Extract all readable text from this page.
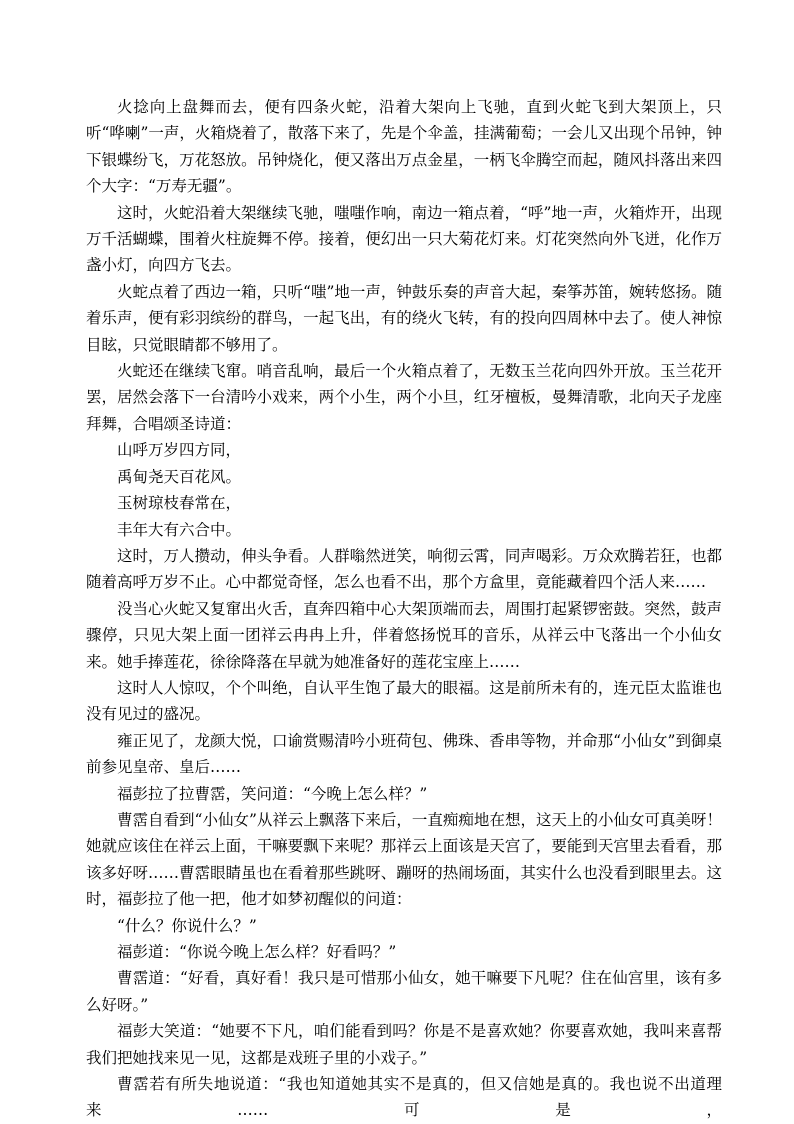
火捻向上盘舞而去，便有四条火蛇，沿着大架向上飞驰，直到火蛇飞到大架顶上，只听“哗喇”一声，火箱烧着了，散落下来了，先是个伞盖，挂满葡萄；一会儿又出现个吊钟，钟下银蝶纷飞，万花怒放。吊钟烧化，便又落出万点金星，一柄飞伞腾空而起，随风抖落出来四个大字：“万寿无疆”。

这时，火蛇沿着大架继续飞驰，嗤嗤作响，南边一箱点着，“呼”地一声，火箱炸开，出现万千活蝴蝶，围着火柱旋舞不停。接着，便幻出一只大菊花灯来。灯花突然向外飞迸，化作万盏小灯，向四方飞去。

火蛇点着了西边一箱，只听“嗤”地一声，钟鼓乐奏的声音大起，秦筝苏笛，婉转悠扬。随着乐声，便有彩羽缤纷的群鸟，一起飞出，有的绕火飞转，有的投向四周林中去了。使人神惊目眩，只觉眼睛都不够用了。

火蛇还在继续飞窜。哨音乱响，最后一个火箱点着了，无数玉兰花向四外开放。玉兰花开罢，居然会落下一台清吟小戏来，两个小生，两个小旦，红牙檀板，曼舞清歌，北向天子龙座拜舞，合唱颂圣诗道：

山呼万岁四方同，

禹甸尧天百花风。

玉树琼枝春常在，

丰年大有六合中。

这时，万人攒动，伸头争看。人群嗡然迸笑，响彻云霄，同声喝彩。万众欢腾若狂，也都随着高呼万岁不止。心中都觉奇怪，怎么也看不出，那个方盒里，竟能藏着四个活人来……

没当心火蛇又复窜出火舌，直奔四箱中心大架顶端而去，周围打起紧锣密鼓。突然，鼓声骤停，只见大架上面一团祥云冉冉上升，伴着悠扬悦耳的音乐，从祥云中飞落出一个小仙女来。她手捧莲花，徐徐降落在早就为她准备好的莲花宝座上……

这时人人惊叹，个个叫绝，自认平生饱了最大的眼福。这是前所未有的，连元臣太监谁也没有见过的盛况。

雍正见了，龙颜大悦，口谕赏赐清吟小班荷包、佛珠、香串等物，并命那“小仙女”到御桌前参见皇帝、皇后……

福彭拉了拉曹霑，笑问道：“今晚上怎么样？”

曹霑自看到“小仙女”从祥云上飘落下来后，一直痴痴地在想，这天上的小仙女可真美呀！她就应该住在祥云上面，干嘛要飘下来呢？那祥云上面该是天宫了，要能到天宫里去看看，那该多好呀……曹霑眼睛虽也在看着那些跳呀、蹦呀的热闹场面，其实什么也没看到眼里去。这时，福彭拉了他一把，他才如梦初醒似的问道：

“什么？你说什么？”

福彭道：“你说今晚上怎么样？好看吗？”

曹霑道：“好看，真好看！我只是可惜那小仙女，她干嘛要下凡呢？住在仙宫里，该有多么好呀。”

福彭大笑道：“她要不下凡，咱们能看到吗？你是不是喜欢她？你要喜欢她，我叫来喜帮我们把她找来见一见，这都是戏班子里的小戏子。”

曹霑若有所失地说道：“我也知道她其实不是真的，但又信她是真的。我也说不出道理来……可是，
